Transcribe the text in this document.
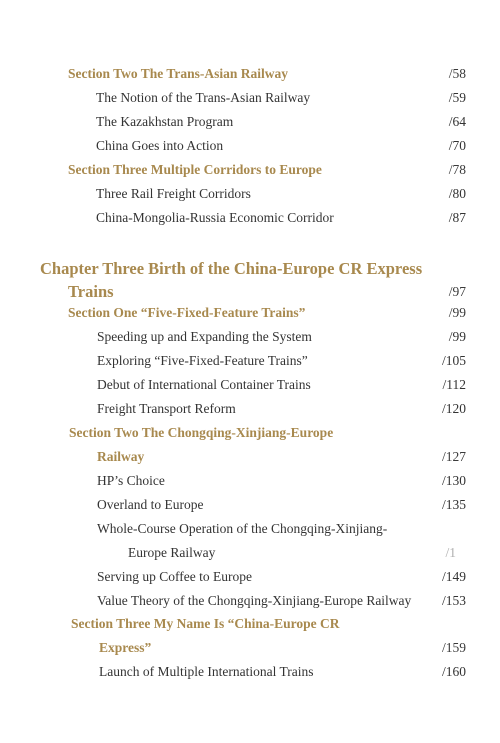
Section Two The Trans-Asian Railway	/58
The Notion of the Trans-Asian Railway	/59
The Kazakhstan Program	/64
China Goes into Action	/70
Section Three Multiple Corridors to Europe	/78
Three Rail Freight Corridors	/80
China-Mongolia-Russia Economic Corridor	/87
Chapter Three Birth of the China-Europe CR Express
Trains	/97
Section One “Five-Fixed-Feature Trains”	/99
Speeding up and Expanding the System	/99
Exploring “Five-Fixed-Feature Trains”	/105
Debut of International Container Trains	/112
Freight Transport Reform	/120
Section Two The Chongqing-Xinjiang-Europe
Railway	/127
HP’s Choice	/130
Overland to Europe	/135
Whole-Course Operation of the Chongqing-Xinjiang-
Europe Railway	/1
Serving up Coffee to Europe	/149
Value Theory of the Chongqing-Xinjiang-Europe Railway /153
Section Three My Name Is “China-Europe CR
Express”	/159
Launch of Multiple International Trains	/160
